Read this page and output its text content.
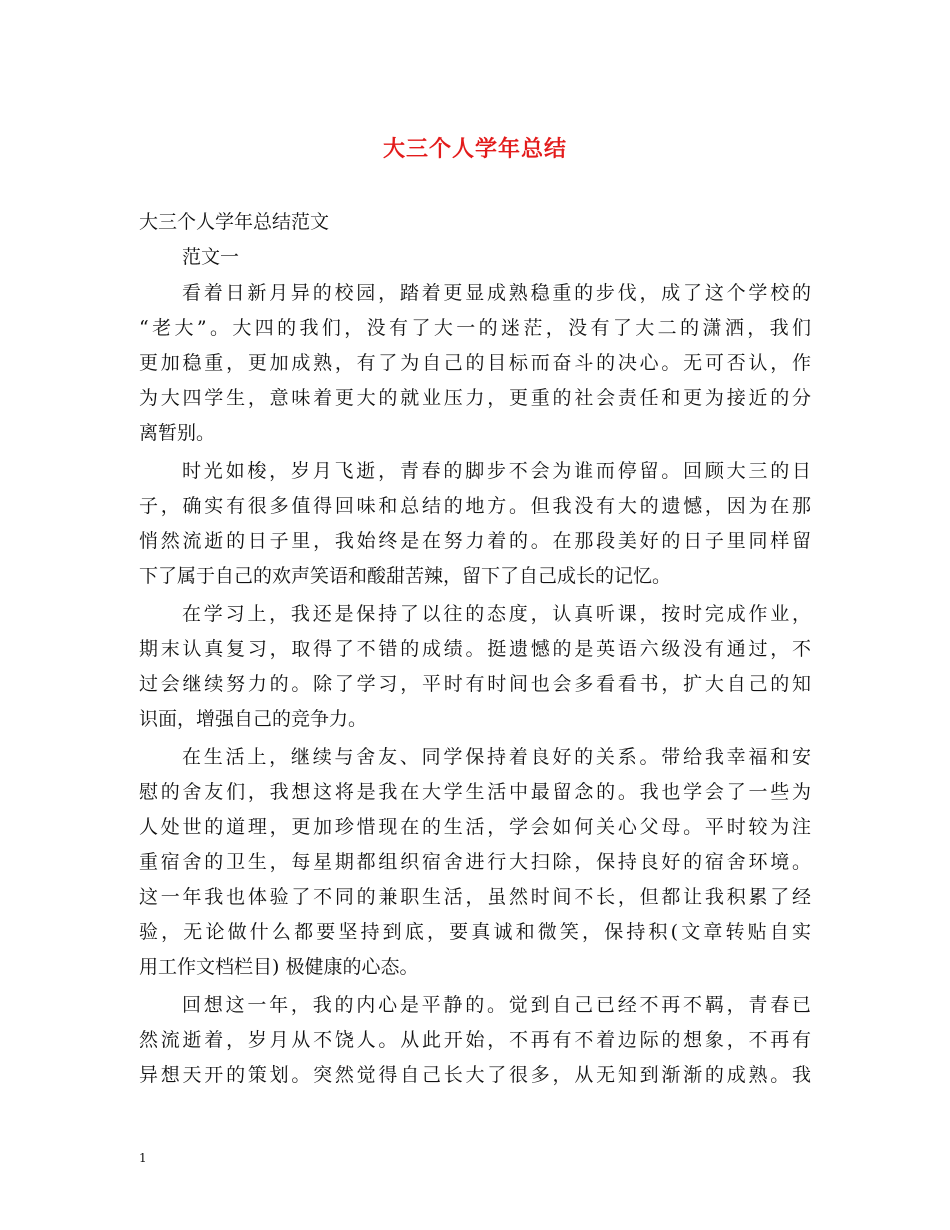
大三个人学年总结
大三个人学年总结范文
范文一
看着日新月异的校园，踏着更显成熟稳重的步伐，成了这个学校的
“老大”。大四的我们，没有了大一的迷茫，没有了大二的潇洒，我们
更加稳重，更加成熟，有了为自己的目标而奋斗的决心。无可否认，作
为大四学生，意味着更大的就业压力，更重的社会责任和更为接近的分
离暂别。
时光如梭，岁月飞逝，青春的脚步不会为谁而停留。回顾大三的日
子，确实有很多值得回味和总结的地方。但我没有大的遗憾，因为在那
悄然流逝的日子里，我始终是在努力着的。在那段美好的日子里同样留
下了属于自己的欢声笑语和酸甜苦辣，留下了自己成长的记忆。
在学习上，我还是保持了以往的态度，认真听课，按时完成作业，
期末认真复习，取得了不错的成绩。挺遗憾的是英语六级没有通过，不
过会继续努力的。除了学习，平时有时间也会多看看书，扩大自己的知
识面，增强自己的竞争力。
在生活上，继续与舍友、同学保持着良好的关系。带给我幸福和安
慰的舍友们，我想这将是我在大学生活中最留念的。我也学会了一些为
人处世的道理，更加珍惜现在的生活，学会如何关心父母。平时较为注
重宿舍的卫生，每星期都组织宿舍进行大扫除，保持良好的宿舍环境。
这一年我也体验了不同的兼职生活，虽然时间不长，但都让我积累了经
验，无论做什么都要坚持到底，要真诚和微笑，保持积(文章转贴自实
用工作文档栏目) 极健康的心态。
回想这一年，我的内心是平静的。觉到自己已经不再不羁，青春已
然流逝着，岁月从不饶人。从此开始，不再有不着边际的想象，不再有
异想天开的策划。突然觉得自己长大了很多，从无知到渐渐的成熟。我
1
